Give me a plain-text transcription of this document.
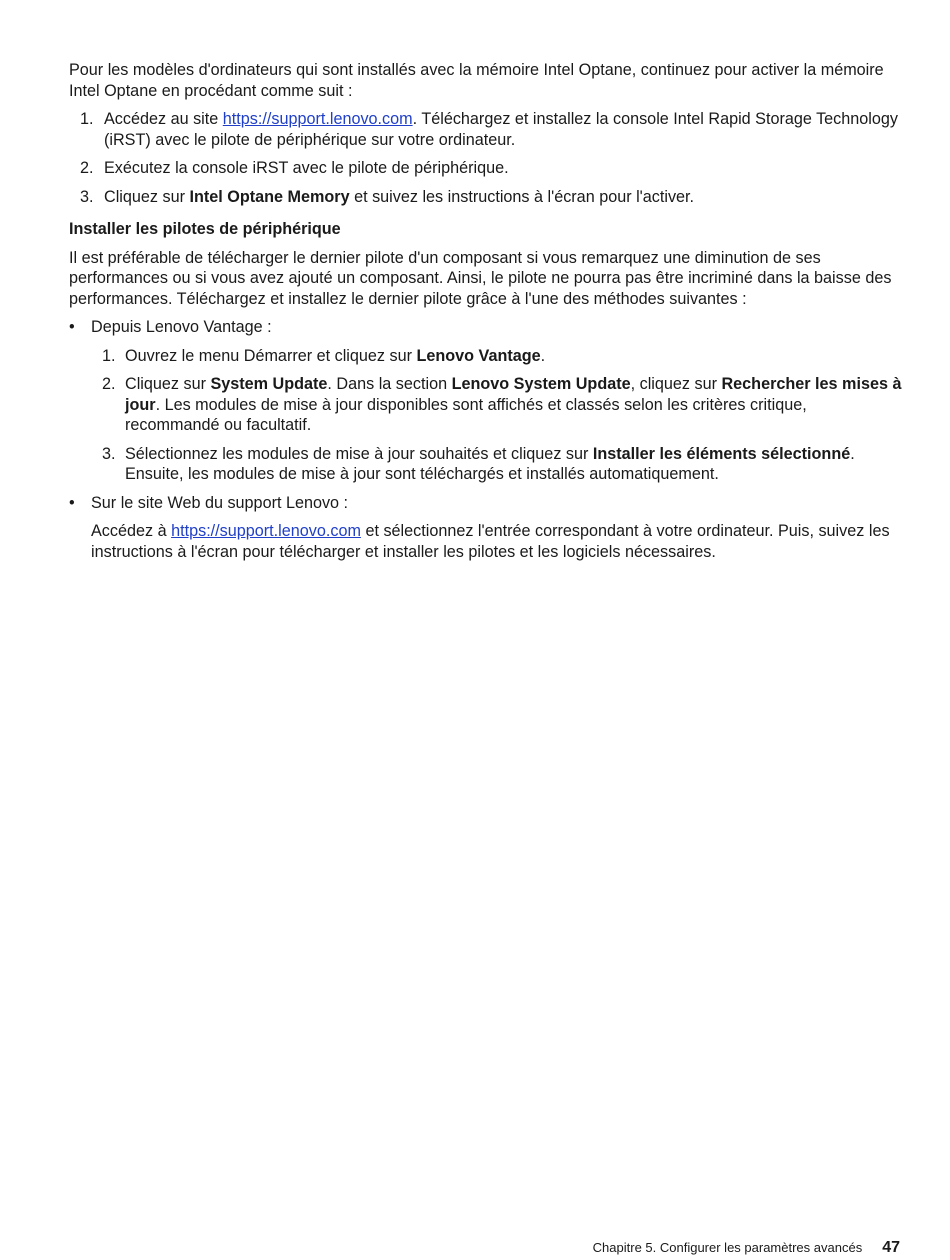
Pour les modèles d'ordinateurs qui sont installés avec la mémoire Intel Optane, continuez pour activer la mémoire Intel Optane en procédant comme suit :

1. Accédez au site https://support.lenovo.com. Téléchargez et installez la console Intel Rapid Storage Technology (iRST) avec le pilote de périphérique sur votre ordinateur.
2. Exécutez la console iRST avec le pilote de périphérique.
3. Cliquez sur Intel Optane Memory et suivez les instructions à l'écran pour l'activer.

Installer les pilotes de périphérique

Il est préférable de télécharger le dernier pilote d'un composant si vous remarquez une diminution de ses performances ou si vous avez ajouté un composant. Ainsi, le pilote ne pourra pas être incriminé dans la baisse des performances. Téléchargez et installez le dernier pilote grâce à l'une des méthodes suivantes :

• Depuis Lenovo Vantage :
1. Ouvrez le menu Démarrer et cliquez sur Lenovo Vantage.
2. Cliquez sur System Update. Dans la section Lenovo System Update, cliquez sur Rechercher les mises à jour. Les modules de mise à jour disponibles sont affichés et classés selon les critères critique, recommandé ou facultatif.
3. Sélectionnez les modules de mise à jour souhaités et cliquez sur Installer les éléments sélectionné. Ensuite, les modules de mise à jour sont téléchargés et installés automatiquement.
• Sur le site Web du support Lenovo :

Accédez à https://support.lenovo.com et sélectionnez l'entrée correspondant à votre ordinateur. Puis, suivez les instructions à l'écran pour télécharger et installer les pilotes et les logiciels nécessaires.

Chapitre 5. Configurer les paramètres avancés 47
